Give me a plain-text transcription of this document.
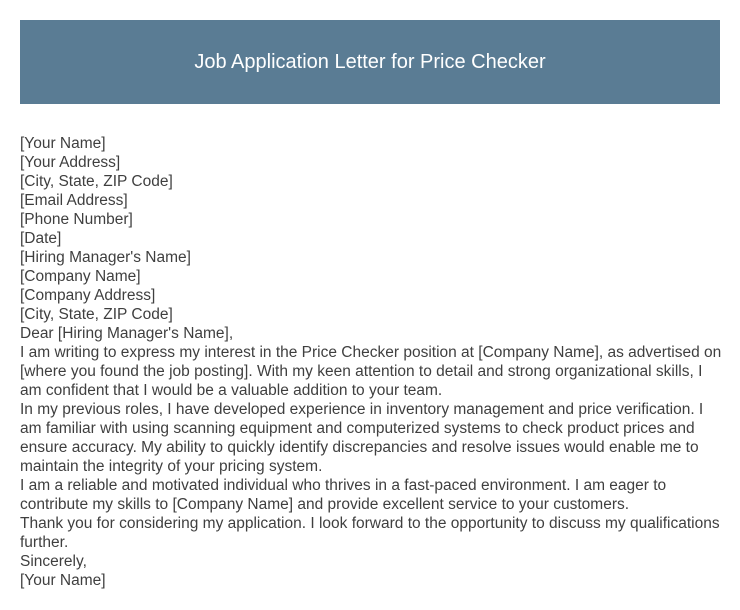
Job Application Letter for Price Checker
[Your Name]
[Your Address]
[City, State, ZIP Code]
[Email Address]
[Phone Number]
[Date]
[Hiring Manager's Name]
[Company Name]
[Company Address]
[City, State, ZIP Code]
Dear [Hiring Manager's Name],

I am writing to express my interest in the Price Checker position at [Company Name], as advertised on [where you found the job posting]. With my keen attention to detail and strong organizational skills, I am confident that I would be a valuable addition to your team.

In my previous roles, I have developed experience in inventory management and price verification. I am familiar with using scanning equipment and computerized systems to check product prices and ensure accuracy. My ability to quickly identify discrepancies and resolve issues would enable me to maintain the integrity of your pricing system.

I am a reliable and motivated individual who thrives in a fast-paced environment. I am eager to contribute my skills to [Company Name] and provide excellent service to your customers.

Thank you for considering my application. I look forward to the opportunity to discuss my qualifications further.

Sincerely,
[Your Name]
